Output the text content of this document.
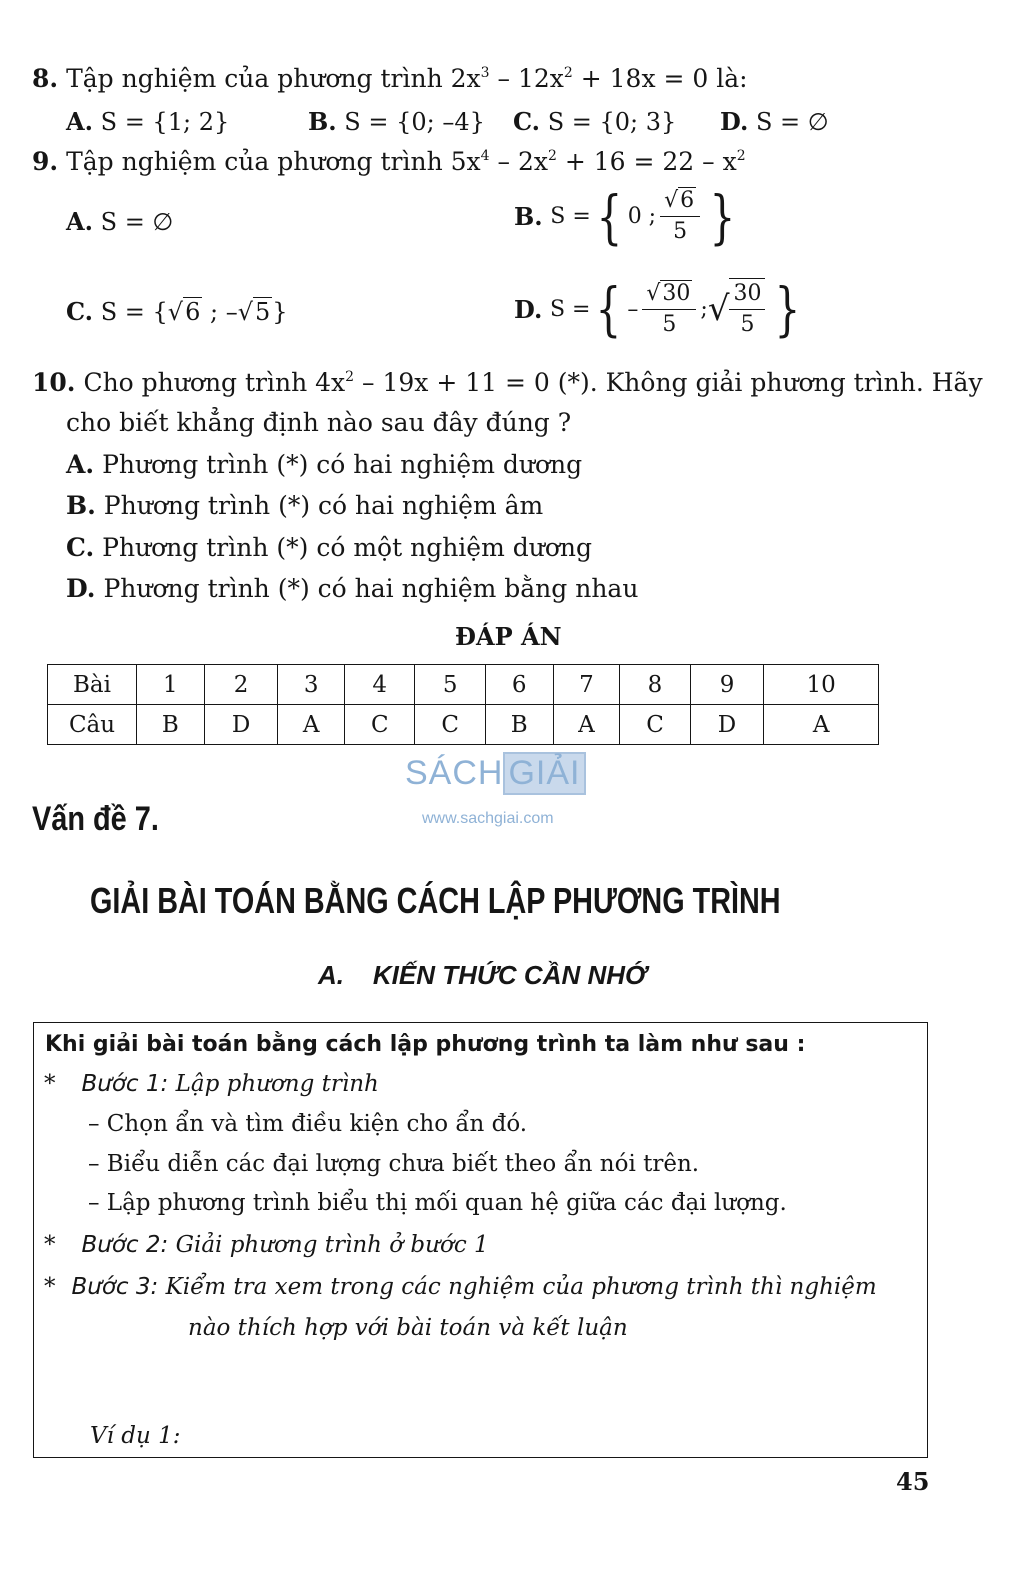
8. Tập nghiệm của phương trình $2x^3 - 12x^2 + 18x = 0$ là:
A. S = {1; 2}	B. S = {0; –4} C. S = {0; 3} D. S = ∅
9. Tập nghiệm của phương trình $5x^4 - 2x^2 + 16 = 22 - x^2$
A. S = ∅	B.
S = { 0 ; $\frac{√6}{5}$ }
C. S = {√6 ; –√5}	D.
S = { – $\frac{√30}{5}$ ; √ $\frac{30}{5}$ }
10. Cho phương trình $4x^2 - 19x + 11 = 0$ (*). Không giải phương trình. Hãy
cho biết khẳng định nào sau đây đúng ?
A. Phương trình (*) có hai nghiệm dương
B. Phương trình (*) có hai nghiệm âm
C. Phương trình (*) có một nghiệm dương
D. Phương trình (*) có hai nghiệm bằng nhau
ĐÁP ÁN
Bài	1	2	3	4	5	6	7	8	9	10
Câu	B	D	A	C	C	B	A	C	D	A
SÁCH GIẢI
www.sachgiai.com
Vấn đề 7.
GIẢI BÀI TOÁN BẰNG CÁCH LẬP PHƯƠNG TRÌNH
A. KIẾN THỨC CẦN NHỚ
Khi giải bài toán bằng cách lập phương trình ta làm như sau :
* Bước 1: Lập phương trình
– Chọn ẩn và tìm điều kiện cho ẩn đó.
– Biểu diễn các đại lượng chưa biết theo ẩn nói trên.
– Lập phương trình biểu thị mối quan hệ giữa các đại lượng.
* Bước 2: Giải phương trình ở bước 1
* Bước 3: Kiểm tra xem trong các nghiệm của phương trình thì nghiệm
nào thích hợp với bài toán và kết luận
Ví dụ 1:
45
